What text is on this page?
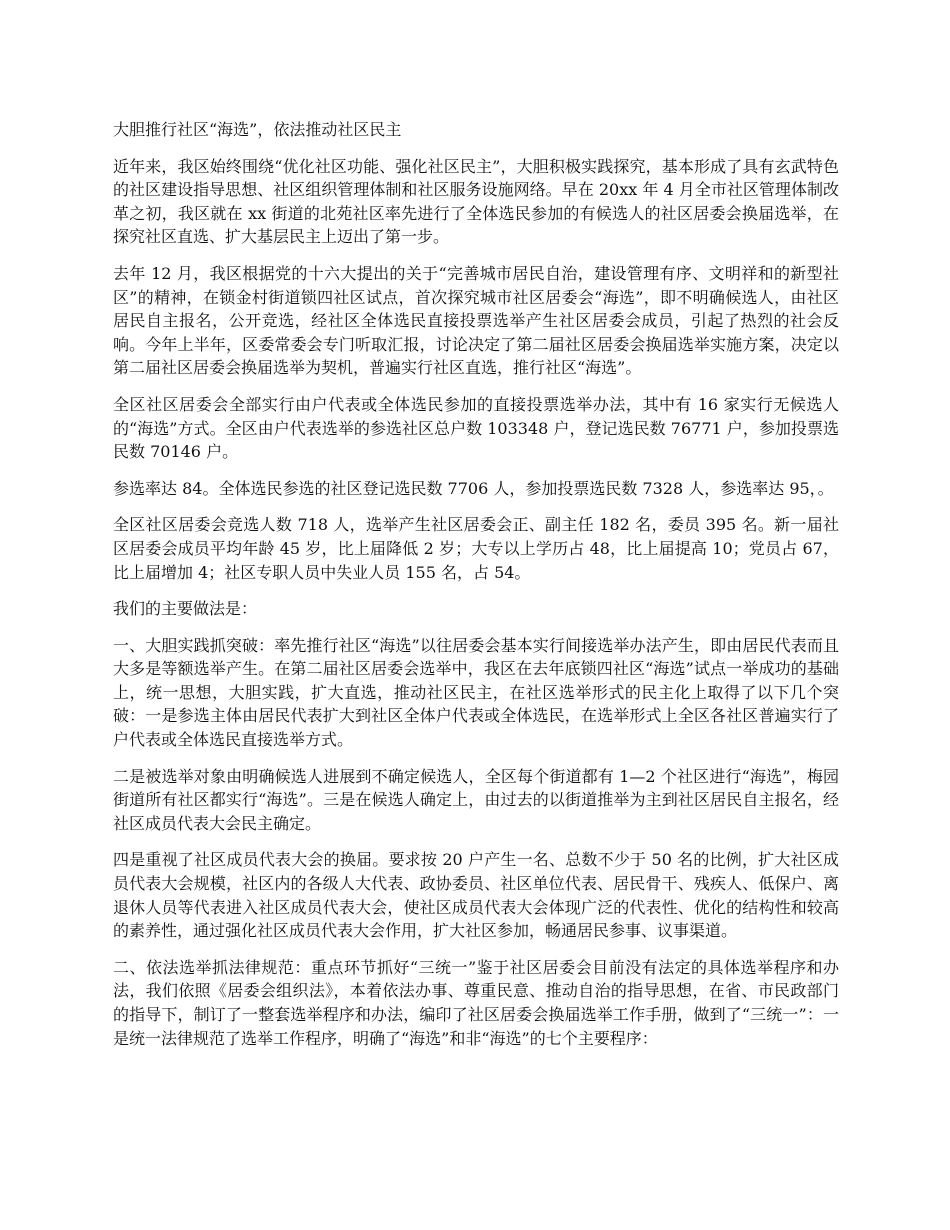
大胆推行社区“海选”，依法推动社区民主

近年来，我区始终围绕“优化社区功能、强化社区民主”，大胆积极实践探究，基本形成了具有玄武特色的社区建设指导思想、社区组织管理体制和社区服务设施网络。早在 20xx 年 4 月全市社区管理体制改革之初，我区就在 xx 街道的北苑社区率先进行了全体选民参加的有候选人的社区居委会换届选举，在探究社区直选、扩大基层民主上迈出了第一步。

去年 12 月，我区根据党的十六大提出的关于“完善城市居民自治，建设管理有序、文明祥和的新型社区”的精神，在锁金村街道锁四社区试点，首次探究城市社区居委会“海选”，即不明确候选人，由社区居民自主报名，公开竞选，经社区全体选民直接投票选举产生社区居委会成员，引起了热烈的社会反响。今年上半年，区委常委会专门听取汇报，讨论决定了第二届社区居委会换届选举实施方案，决定以第二届社区居委会换届选举为契机，普遍实行社区直选，推行社区“海选”。

全区社区居委会全部实行由户代表或全体选民参加的直接投票选举办法，其中有 16 家实行无候选人的“海选”方式。全区由户代表选举的参选社区总户数 103348 户，登记选民数 76771 户，参加投票选民数 70146 户。

参选率达 84。全体选民参选的社区登记选民数 7706 人，参加投票选民数 7328 人，参选率达 95，。

全区社区居委会竞选人数 718 人，选举产生社区居委会正、副主任 182 名，委员 395 名。新一届社区居委会成员平均年龄 45 岁，比上届降低 2 岁；大专以上学历占 48，比上届提高 10；党员占 67，比上届增加 4；社区专职人员中失业人员 155 名，占 54。

我们的主要做法是：

一、大胆实践抓突破：率先推行社区“海选”以往居委会基本实行间接选举办法产生，即由居民代表而且大多是等额选举产生。在第二届社区居委会选举中，我区在去年底锁四社区“海选”试点一举成功的基础上，统一思想，大胆实践，扩大直选，推动社区民主，在社区选举形式的民主化上取得了以下几个突破：一是参选主体由居民代表扩大到社区全体户代表或全体选民，在选举形式上全区各社区普遍实行了户代表或全体选民直接选举方式。

二是被选举对象由明确候选人进展到不确定候选人，全区每个街道都有 1—2 个社区进行“海选”，梅园街道所有社区都实行“海选”。三是在候选人确定上，由过去的以街道推举为主到社区居民自主报名，经社区成员代表大会民主确定。

四是重视了社区成员代表大会的换届。要求按 20 户产生一名、总数不少于 50 名的比例，扩大社区成员代表大会规模，社区内的各级人大代表、政协委员、社区单位代表、居民骨干、残疾人、低保户、离退休人员等代表进入社区成员代表大会，使社区成员代表大会体现广泛的代表性、优化的结构性和较高的素养性，通过强化社区成员代表大会作用，扩大社区参加，畅通居民参事、议事渠道。

二、依法选举抓法律规范：重点环节抓好“三统一”鉴于社区居委会目前没有法定的具体选举程序和办法，我们依照《居委会组织法》，本着依法办事、尊重民意、推动自治的指导思想，在省、市民政部门的指导下，制订了一整套选举程序和办法，编印了社区居委会换届选举工作手册，做到了“三统一”：一是统一法律规范了选举工作程序，明确了“海选”和非“海选”的七个主要程序：
